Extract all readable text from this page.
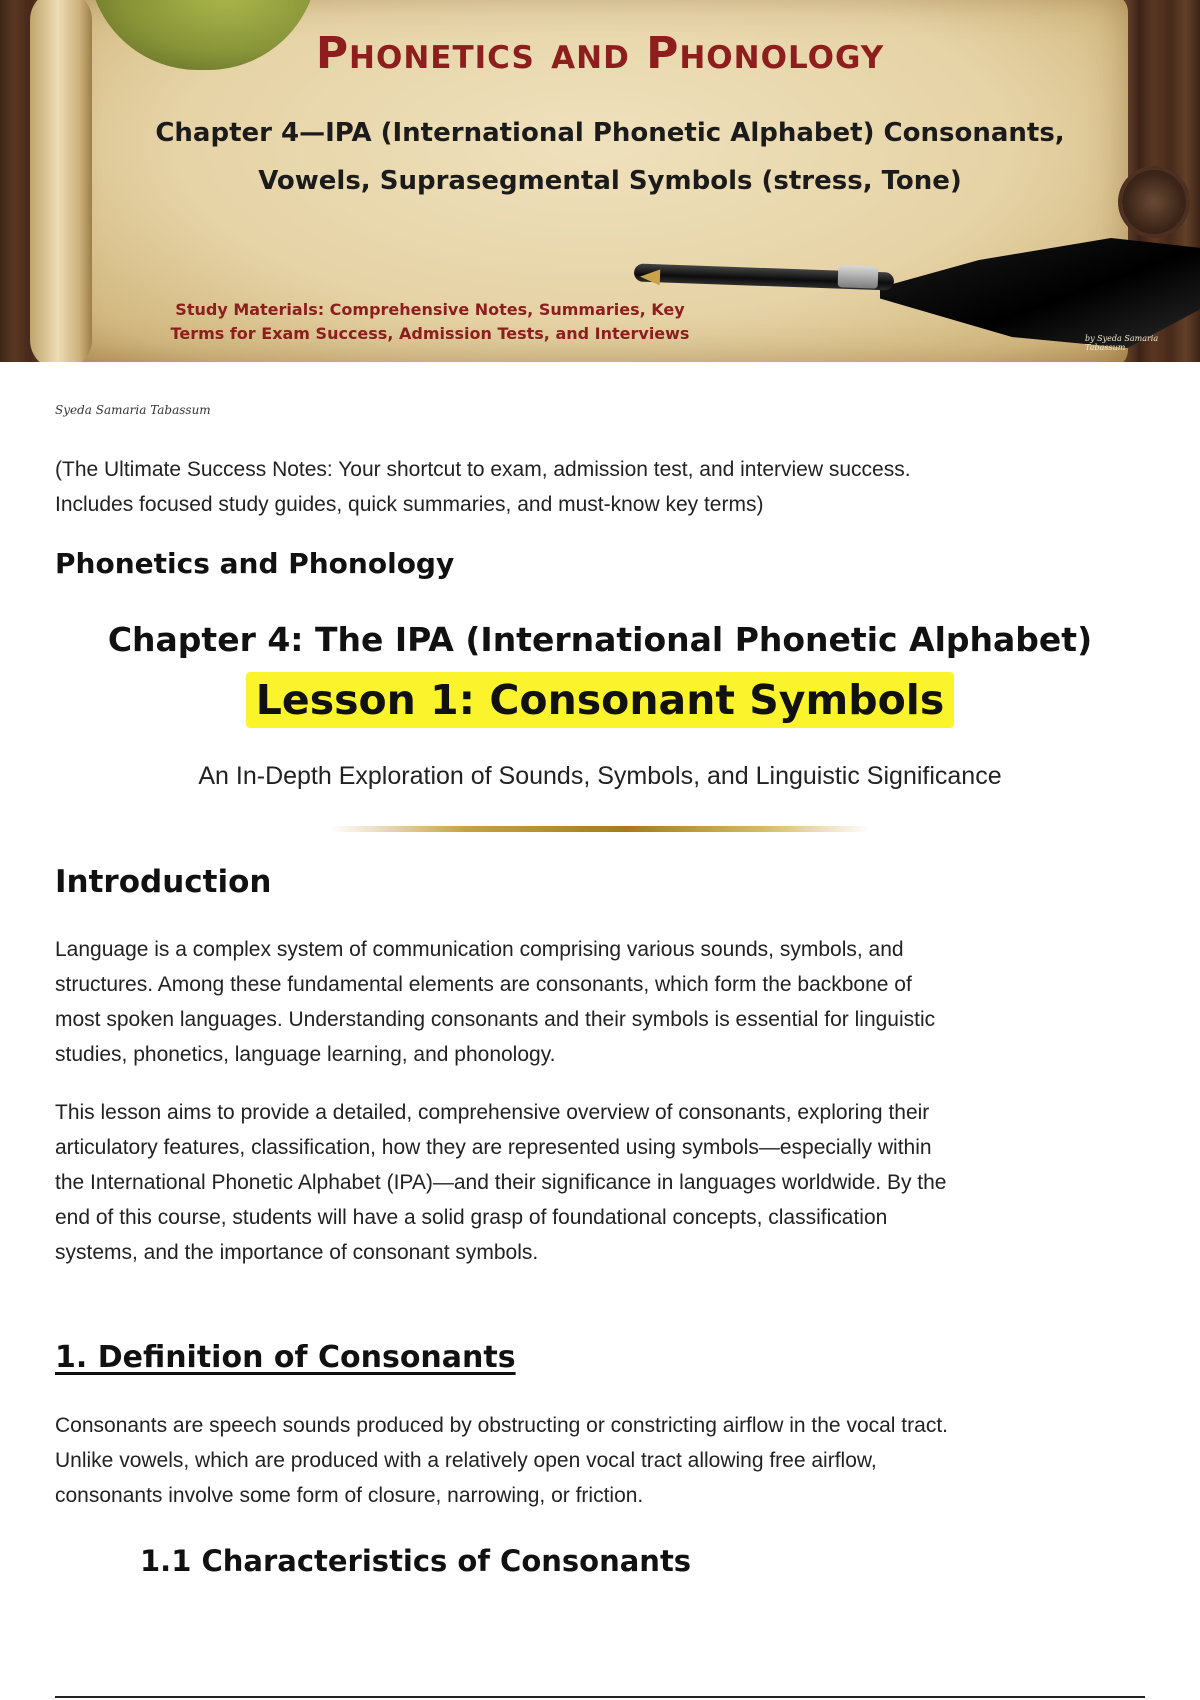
Phonetics and Phonology
Chapter 4—IPA (International Phonetic Alphabet) Consonants,
Vowels, Suprasegmental Symbols (stress, Tone)
Study Materials: Comprehensive Notes, Summaries, Key
Terms for Exam Success, Admission Tests, and Interviews	by Syeda Samaria Tabassum
Syeda Samaria Tabassum
(The Ultimate Success Notes: Your shortcut to exam, admission test, and interview success.
Includes focused study guides, quick summaries, and must-know key terms)
Phonetics and Phonology
Chapter 4: The IPA (International Phonetic Alphabet)
Lesson 1: Consonant Symbols
An In-Depth Exploration of Sounds, Symbols, and Linguistic Significance
Introduction
Language is a complex system of communication comprising various sounds, symbols, and
structures. Among these fundamental elements are consonants, which form the backbone of
most spoken languages. Understanding consonants and their symbols is essential for linguistic
studies, phonetics, language learning, and phonology.
This lesson aims to provide a detailed, comprehensive overview of consonants, exploring their
articulatory features, classification, how they are represented using symbols—especially within
the International Phonetic Alphabet (IPA)—and their significance in languages worldwide. By the
end of this course, students will have a solid grasp of foundational concepts, classification
systems, and the importance of consonant symbols.
1. Definition of Consonants
Consonants are speech sounds produced by obstructing or constricting airflow in the vocal tract.
Unlike vowels, which are produced with a relatively open vocal tract allowing free airflow,
consonants involve some form of closure, narrowing, or friction.
1.1 Characteristics of Consonants
